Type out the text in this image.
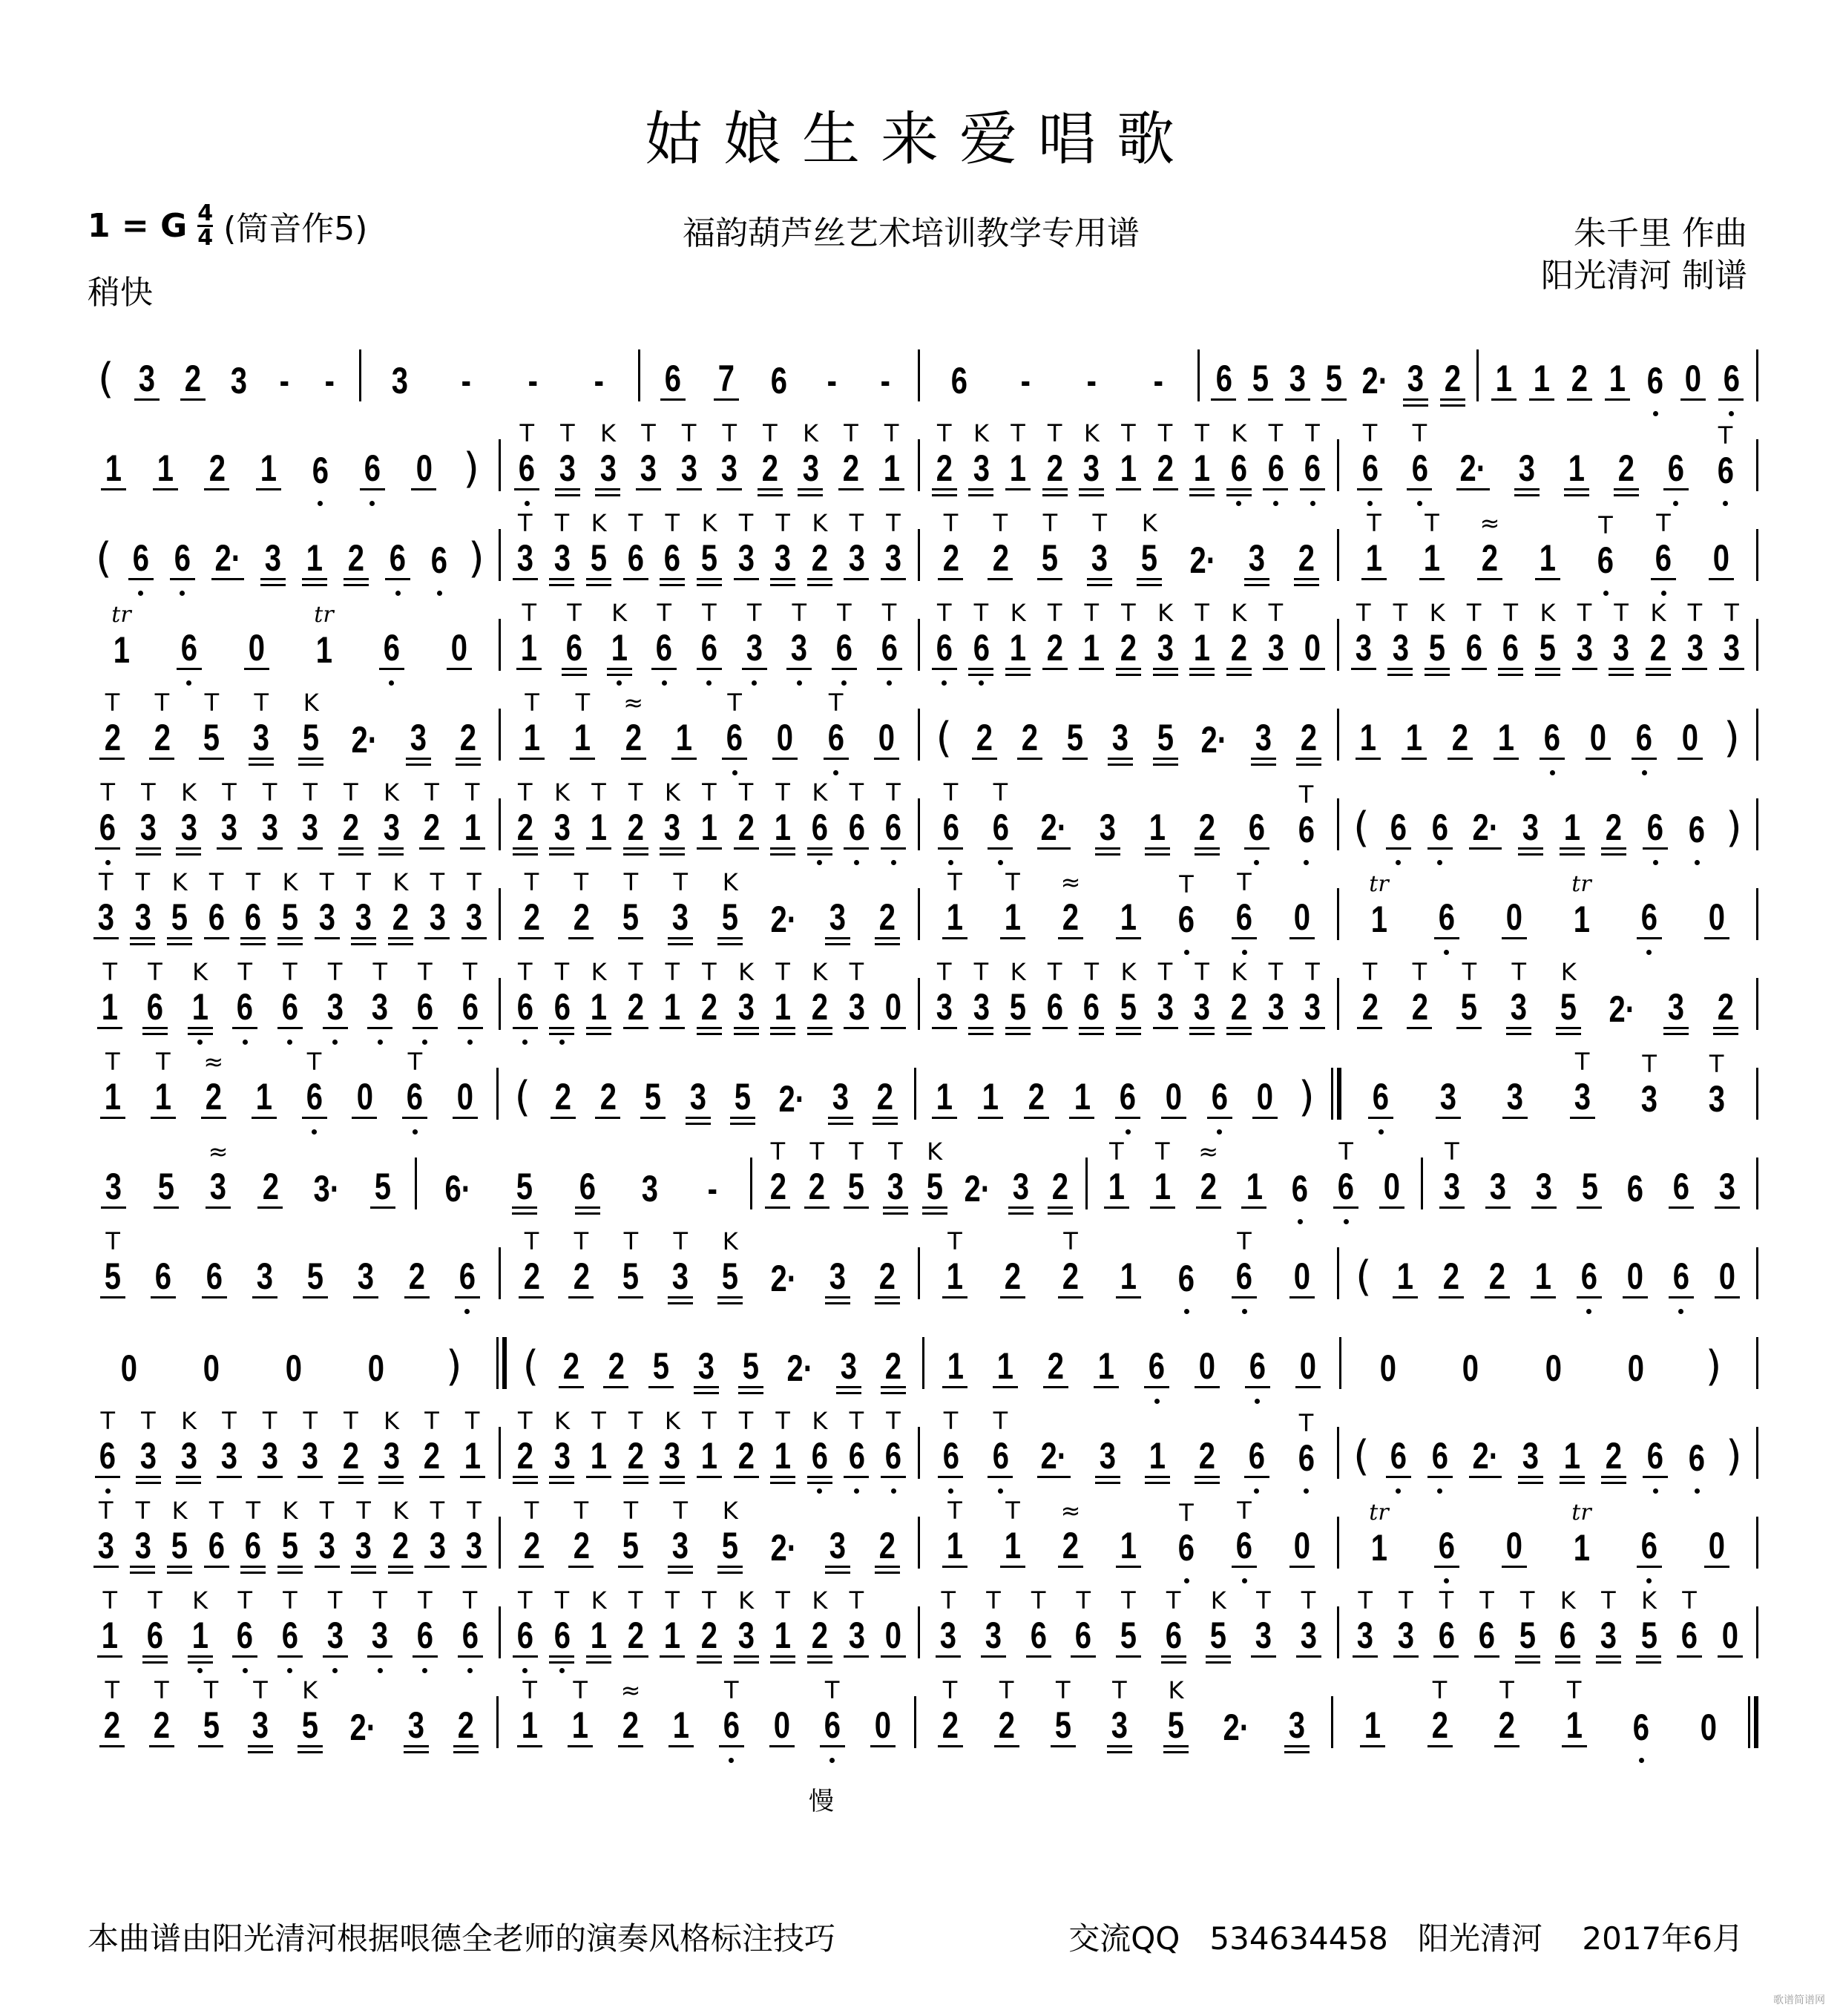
姑娘生来爱唱歌
1 = G $\frac{4}{4}$ (筒音作5)
稍快
福韵葫芦丝艺术培训教学专用谱	朱千里 作曲
阳光清河 制谱
( 3 2 3 - - 3 - - - 6 7 6 - - 6 - - - 6 5 3 5 2· 3 2 1 1 2 1 6 0 6
1 1 2 1 6 6 0 )
T
6
T
3
K
3
T
3
T
3
T
3
T
2
K
3
T
2
T
1
T
2
K
3
T
1
T
2
K
3
T
1
T
2
T
1
K
6
T
6
T
6
T
6
T
6 2· 3 1 2 6
T
6
( 6 6 2· 3 1 2 6 6 )
T
3
T
3
K
5
T
6
T
6
K
5
T
3
T
3
K
2
T
3
T
3
T
2
T
2
T
5
T
3
K
5 2· 3 2
T
1
T
1
≈
2 1
T
6
T
6 0
tr
1 6 0
tr
1 6 0
T
1
T
6
K
1
T
6
T
6
T
3
T
3
T
6
T
6
T
6
T
6
K
1
T
2
T
1
T
2
K
3
T
1
K
2
T
3 0
T
3
T
3
K
5
T
6
T
6
K
5
T
3
T
3
K
2
T
3
T
3
T
2
T
2
T
5
T
3
K
5 2· 3 2
T
1
T
1
≈
2 1
T
6 0
T
6 0 ( 2 2 5 3 5 2· 3 2 1 1 2 1 6 0 6 0 )
T
6
T
3
K
3
T
3
T
3
T
3
T
2
K
3
T
2
T
1
T
2
K
3
T
1
T
2
K
3
T
1
T
2
T
1
K
6
T
6
T
6
T
6
T
6 2· 3 1 2 6
T
6 ( 6 6 2· 3 1 2 6 6 )
T
3
T
3
K
5
T
6
T
6
K
5
T
3
T
3
K
2
T
3
T
3
T
2
T
2
T
5
T
3
K
5 2· 3 2
T
1
T
1
≈
2 1
T
6
T
6 0
tr
1 6 0
tr
1 6 0
T
1
T
6
K
1
T
6
T
6
T
3
T
3
T
6
T
6
T
6
T
6
K
1
T
2
T
1
T
2
K
3
T
1
K
2
T
3 0
T
3
T
3
K
5
T
6
T
6
K
5
T
3
T
3
K
2
T
3
T
3
T
2
T
2
T
5
T
3
K
5 2· 3 2
T
1
T
1
≈
2 1
T
6 0
T
6 0 ( 2 2 5 3 5 2· 3 2 1 1 2 1 6 0 6 0 ) 6 3 3
T
3
T
3
T
3
3 5
≈
3 2 3· 5 6· 5 6 3 -
T
2
T
2
T
5
T
3
K
5 2· 3 2
T
1
T
1
≈
2 1 6
T
6 0
T
3 3 3 5 6 6 3
T
5 6 6 3 5 3 2 6
T
2
T
2
T
5
T
3
K
5 2· 3 2
T
1 2
T
2 1 6
T
6 0 ( 1 2 2 1 6 0 6 0
0 0 0 0 ) ( 2 2 5 3 5 2· 3 2 1 1 2 1 6 0 6 0 0 0 0 0 )
T
6
T
3
K
3
T
3
T
3
T
3
T
2
K
3
T
2
T
1
T
2
K
3
T
1
T
2
K
3
T
1
T
2
T
1
K
6
T
6
T
6
T
6
T
6 2· 3 1 2 6
T
6 ( 6 6 2· 3 1 2 6 6 )
T
3
T
3
K
5
T
6
T
6
K
5
T
3
T
3
K
2
T
3
T
3
T
2
T
2
T
5
T
3
K
5 2· 3 2
T
1
T
1
≈
2 1
T
6
T
6 0
tr
1 6 0
tr
1 6 0
T
1
T
6
K
1
T
6
T
6
T
3
T
3
T
6
T
6
T
6
T
6
K
1
T
2
T
1
T
2
K
3
T
1
K
2
T
3 0
T
3
T
3
T
6
T
6
T
5
T
6
K
5
T
3
T
3
T
3
T
3
T
6
T
6
T
5
K
6
T
3
K
5
T
6 0
T
2
T
2
T
5
T
3
K
5 2· 3 2
T
1
T
1
≈
2 1
T
6 0
T
6 0
T
2
T
2
T
5
T
3
K
5 2· 3 1
T
2
T
2
T
1 6 0
慢
本曲谱由阳光清河根据哏德全老师的演奏风格标注技巧	交流QQ 534634458 阳光清河 2017年6月
歌谱简谱网
